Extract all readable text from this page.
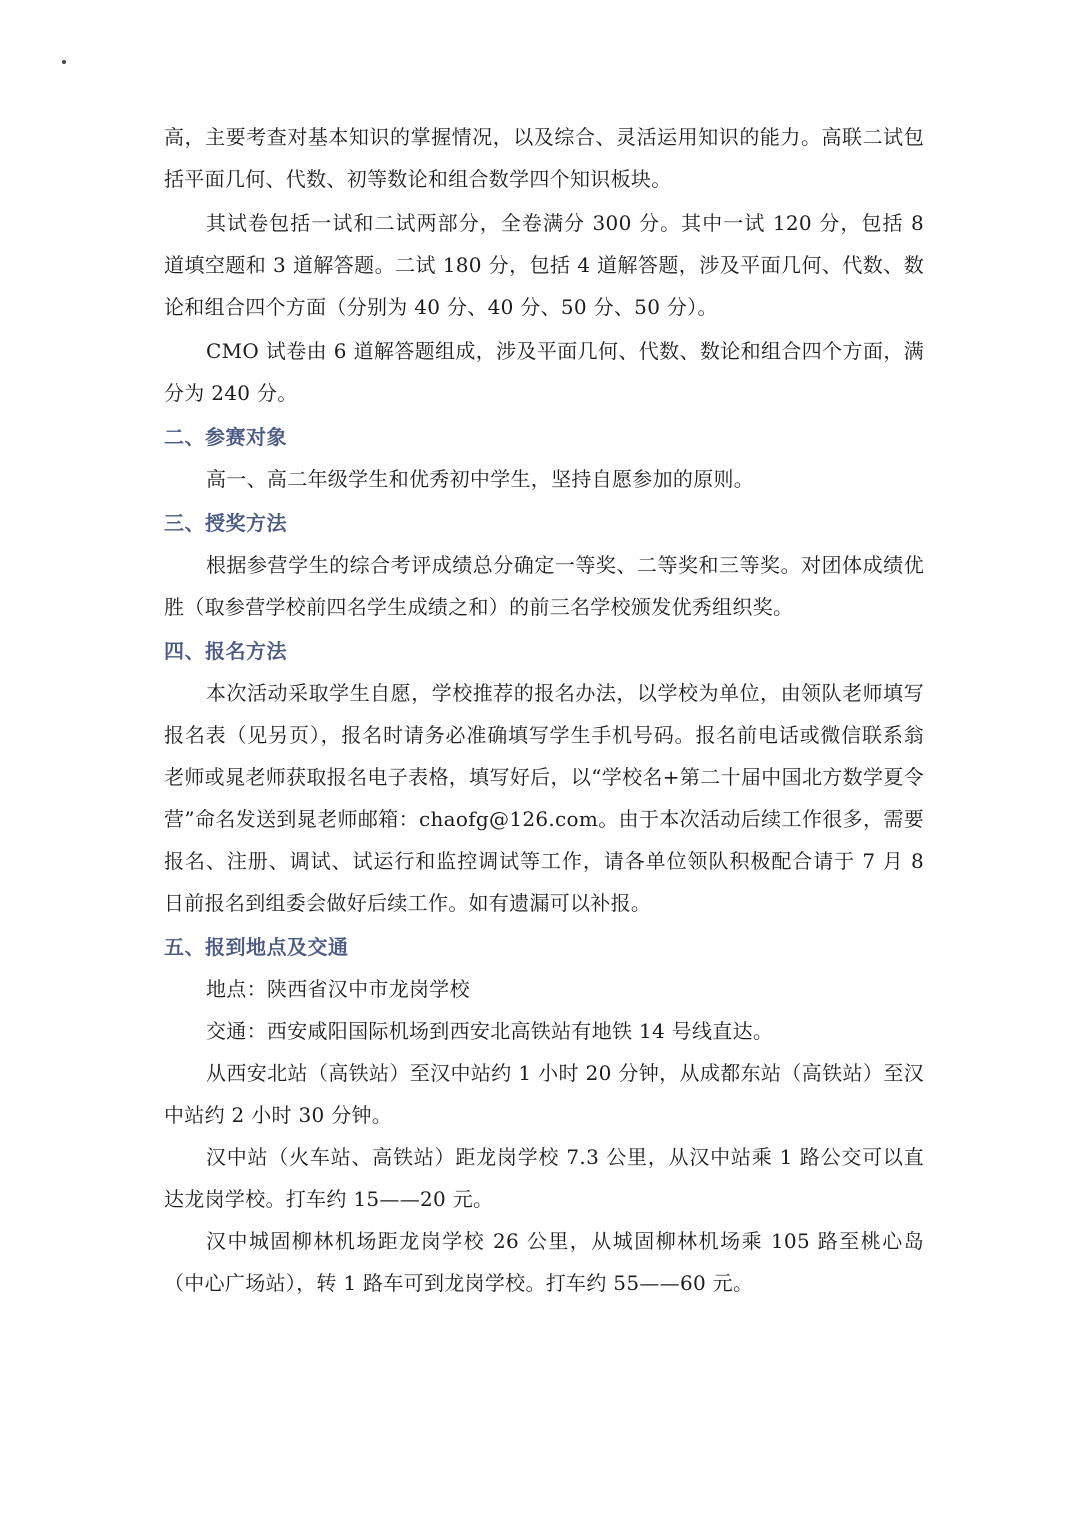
高，主要考查对基本知识的掌握情况，以及综合、灵活运用知识的能力。高联二试包括平面几何、代数、初等数论和组合数学四个知识板块。

其试卷包括一试和二试两部分，全卷满分 300 分。其中一试 120 分，包括 8 道填空题和 3 道解答题。二试 180 分，包括 4 道解答题，涉及平面几何、代数、数论和组合四个方面（分别为 40 分、40 分、50 分、50 分）。

CMO 试卷由 6 道解答题组成，涉及平面几何、代数、数论和组合四个方面，满分为 240 分。

二、参赛对象

高一、高二年级学生和优秀初中学生，坚持自愿参加的原则。

三、授奖方法

根据参营学生的综合考评成绩总分确定一等奖、二等奖和三等奖。对团体成绩优胜（取参营学校前四名学生成绩之和）的前三名学校颁发优秀组织奖。

四、报名方法

本次活动采取学生自愿，学校推荐的报名办法，以学校为单位，由领队老师填写报名表（见另页），报名时请务必准确填写学生手机号码。报名前电话或微信联系翁老师或晁老师获取报名电子表格，填写好后，以“学校名+第二十届中国北方数学夏令营”命名发送到晁老师邮箱：chaofg@126.com。由于本次活动后续工作很多，需要报名、注册、调试、试运行和监控调试等工作，请各单位领队积极配合请于 7 月 8 日前报名到组委会做好后续工作。如有遗漏可以补报。

五、报到地点及交通

地点：陕西省汉中市龙岗学校

交通：西安咸阳国际机场到西安北高铁站有地铁 14 号线直达。

从西安北站（高铁站）至汉中站约 1 小时 20 分钟，从成都东站（高铁站）至汉中站约 2 小时 30 分钟。

汉中站（火车站、高铁站）距龙岗学校 7.3 公里，从汉中站乘 1 路公交可以直达龙岗学校。打车约 15——20 元。

汉中城固柳林机场距龙岗学校 26 公里，从城固柳林机场乘 105 路至桃心岛（中心广场站），转 1 路车可到龙岗学校。打车约 55——60 元。
